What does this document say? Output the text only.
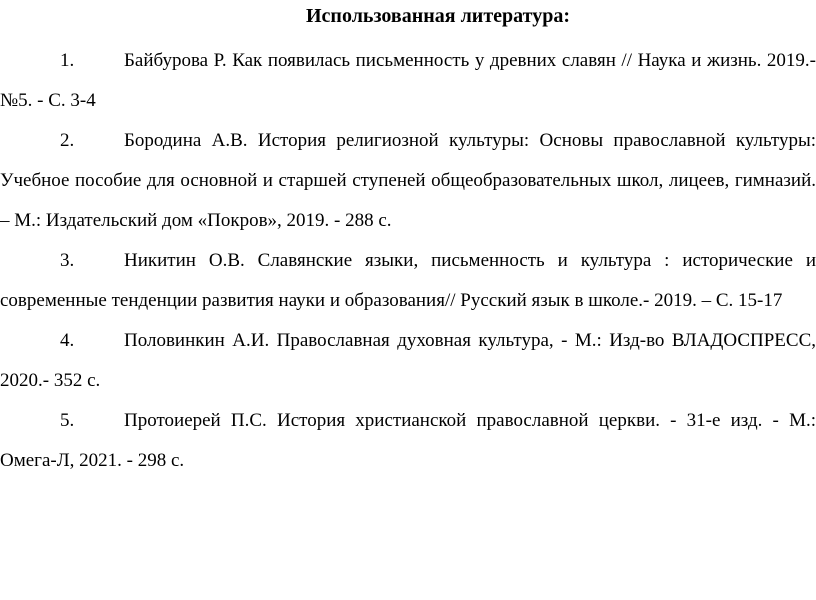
Использованная литература:
1.	Байбурова Р. Как появилась письменность у древних славян // Наука и жизнь. 2019.-№5. - С. 3-4
2.	Бородина А.В. История религиозной культуры: Основы православной культуры: Учебное пособие для основной и старшей ступеней общеобразовательных школ, лицеев, гимназий. – М.: Издательский дом «Покров», 2019. - 288 с.
3.	Никитин О.В. Славянские языки, письменность и культура : исторические и современные тенденции развития науки и образования// Русский язык в школе.- 2019. – С. 15-17
4.	Половинкин А.И. Православная духовная культура, - М.: Изд-во ВЛАДОСПРЕСС, 2020.- 352 с.
5.	Протоиерей П.С. История христианской православной церкви. - 31-е изд. - М.: Омега-Л, 2021. - 298 с.
